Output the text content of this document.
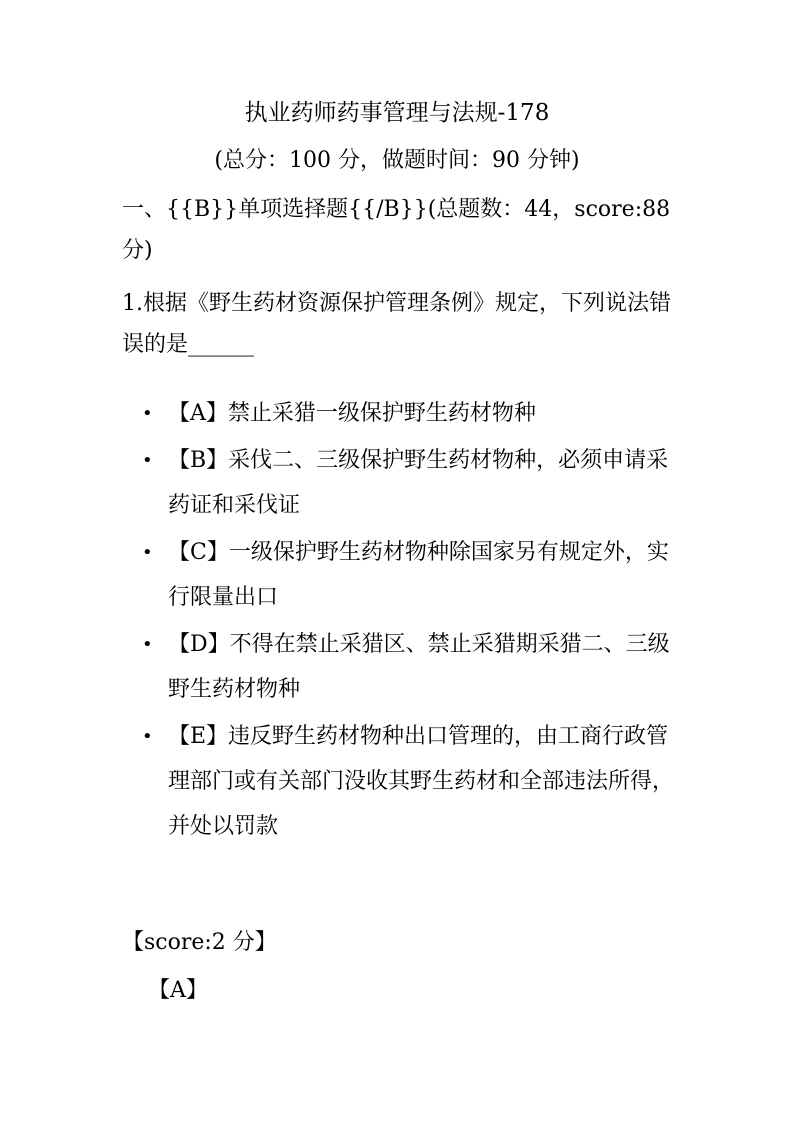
执业药师药事管理与法规-178
(总分：100 分，做题时间：90 分钟)
一、{{B}}单项选择题{{/B}}(总题数：44，score:88 分)
1.根据《野生药材资源保护管理条例》规定，下列说法错误的是______
• 【A】禁止采猎一级保护野生药材物种
• 【B】采伐二、三级保护野生药材物种，必须申请采药证和采伐证
• 【C】一级保护野生药材物种除国家另有规定外，实行限量出口
• 【D】不得在禁止采猎区、禁止采猎期采猎二、三级野生药材物种
• 【E】违反野生药材物种出口管理的，由工商行政管理部门或有关部门没收其野生药材和全部违法所得，并处以罚款
【score:2 分】
【A】
